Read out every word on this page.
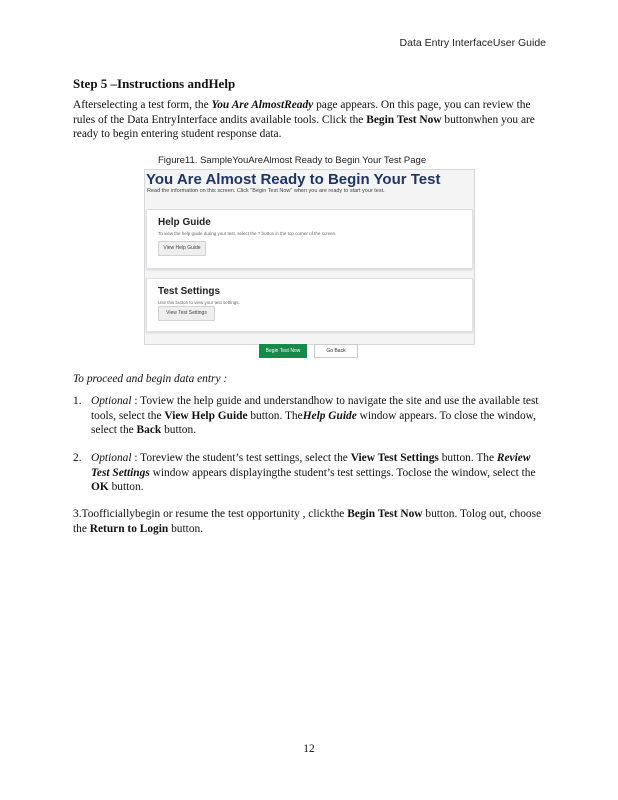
Data Entry InterfaceUser Guide
Step 5 –Instructions andHelp

Afterselecting a test form, the You Are AlmostReady page appears. On this page, you can review the rules of the Data EntryInterface andits available tools. Click the Begin Test Now buttonwhen you are ready to begin entering student response data.

Figure11. SampleYouAreAlmost Ready to Begin Your Test Page
You Are Almost Ready to Begin Your Test
Read the information on this screen. Click "Begin Test Now" when you are ready to start your test.
Help Guide
To view the help guide during your test, select the ? button in the top corner of the screen.
View Help Guide
Test Settings
Use this button to view your test settings.
View Test Settings
Begin Test Now	Go Back
To proceed and begin data entry :
1. Optional : Toview the help guide and understandhow to navigate the site and use the available test tools, select the View Help Guide button. TheHelp Guide window appears. To close the window, select the Back button.
2. Optional : Toreview the student’s test settings, select the View Test Settings button. The Review Test Settings window appears displayingthe student’s test settings. Toclose the window, select the OK button.
3.Toofficiallybegin or resume the test opportunity , clickthe Begin Test Now button. Tolog out, choose the Return to Login button.
12
